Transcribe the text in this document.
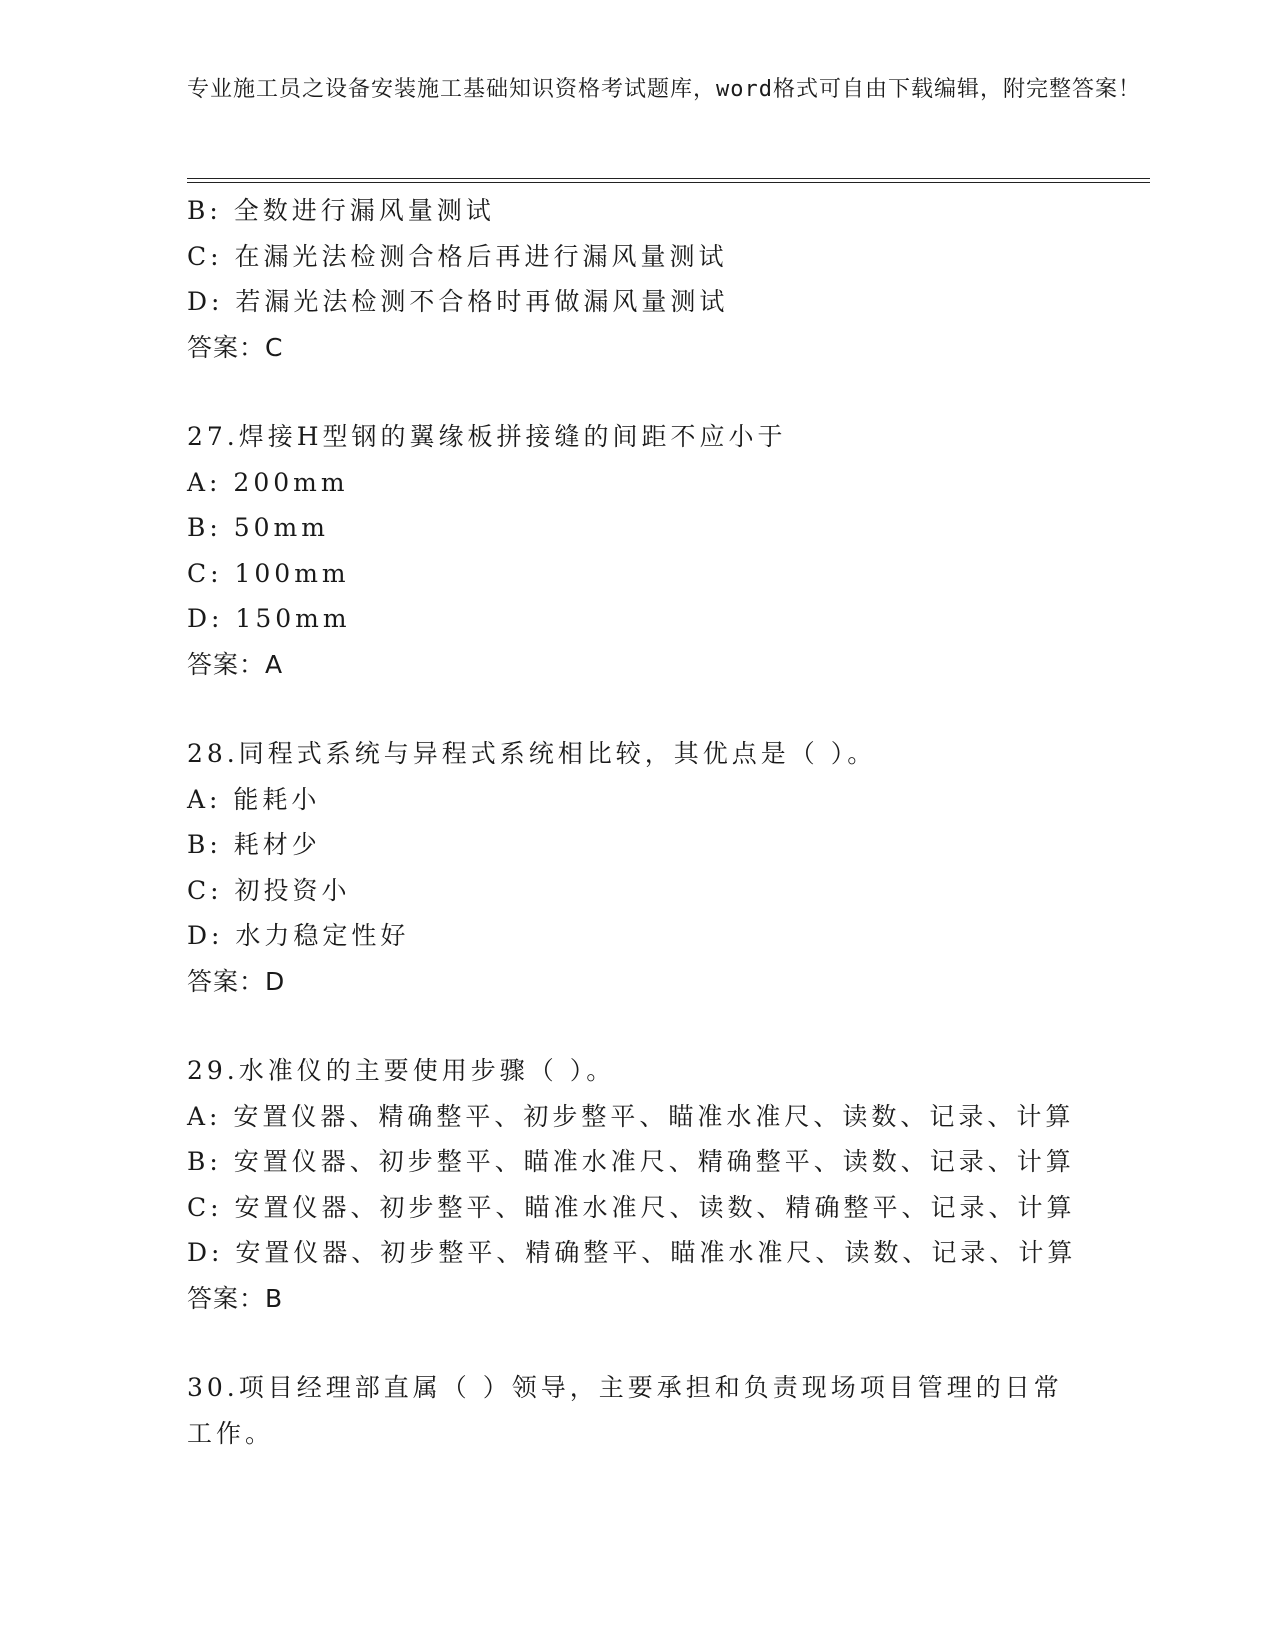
专业施工员之设备安装施工基础知识资格考试题库，word格式可自由下载编辑，附完整答案！
B: 全数进行漏风量测试
C: 在漏光法检测合格后再进行漏风量测试
D: 若漏光法检测不合格时再做漏风量测试
答案：C
27.焊接H型钢的翼缘板拼接缝的间距不应小于
A: 200mm
B: 50mm
C: 100mm
D: 150mm
答案：A
28.同程式系统与异程式系统相比较，其优点是（ ）。
A: 能耗小
B: 耗材少
C: 初投资小
D: 水力稳定性好
答案：D
29.水准仪的主要使用步骤（ ）。
A: 安置仪器、精确整平、初步整平、瞄准水准尺、读数、记录、计算
B: 安置仪器、初步整平、瞄准水准尺、精确整平、读数、记录、计算
C: 安置仪器、初步整平、瞄准水准尺、读数、精确整平、记录、计算
D: 安置仪器、初步整平、精确整平、瞄准水准尺、读数、记录、计算
答案：B
30.项目经理部直属（ ）领导，主要承担和负责现场项目管理的日常工作。
